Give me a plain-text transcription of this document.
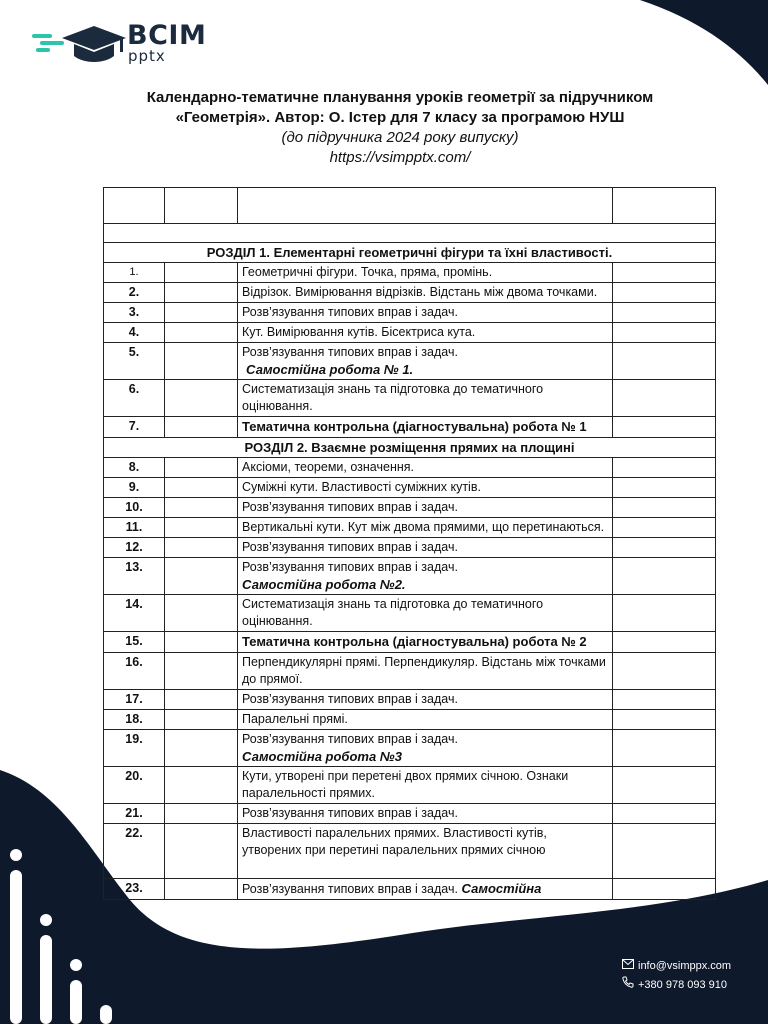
ВСІМ
pptx
Календарно-тематичне планування уроків геометрії за підручником
«Геометрія». Автор: О. Істер для 7 класу за програмою НУШ
(до підручника 2024 року випуску)
https://vsimpptx.com/

РОЗДІЛ 1. Елементарні геометричні фігури та їхні властивості.			
1.		Геометричні фігури. Точка, пряма, промінь.	
2.		Відрізок. Вимірювання відрізків. Відстань між двома точками.	
3.		Розв’язування типових вправ і задач.	
4.		Кут. Вимірювання кутів. Бісектриса кута.	
5.		Розв’язування типових вправ і задач.
Самостійна робота № 1.	

6.		Систематизація знань та підготовка до тематичного оцінювання.	
7.		Тематична контрольна (діагностувальна) робота № 1	
РОЗДІЛ 2. Взаємне розміщення прямих на площині			
8.		Аксіоми, теореми, означення.	
9.		Суміжні кути. Властивості суміжних кутів.	
10.		Розв’язування типових вправ і задач.	
11.		Вертикальні кути. Кут між двома прямими, що перетинаються.	
12.		Розв’язування типових вправ і задач.	
13.		Розв’язування типових вправ і задач.
Самостійна робота №2.	

14.		Систематизація знань та підготовка до тематичного оцінювання.	
15.		Тематична контрольна (діагностувальна) робота № 2	
16.		Перпендикулярні прямі. Перпендикуляр. Відстань між точками до прямої.	
17.		Розв’язування типових вправ і задач.	
18.		Паралельні прямі.	
19.		Розв’язування типових вправ і задач.
Самостійна робота №3	

20.		Кути, утворені при перетені двох прямих січною. Ознаки паралельності прямих.	
21.		Розв’язування типових вправ і задач.	
22.		Властивості паралельних прямих. Властивості кутів, утворених при перетині паралельних прямих січною	
23.		Розв’язування типових вправ і задач. Самостійна	
info@vsimppx.com
+380 978 093 910
